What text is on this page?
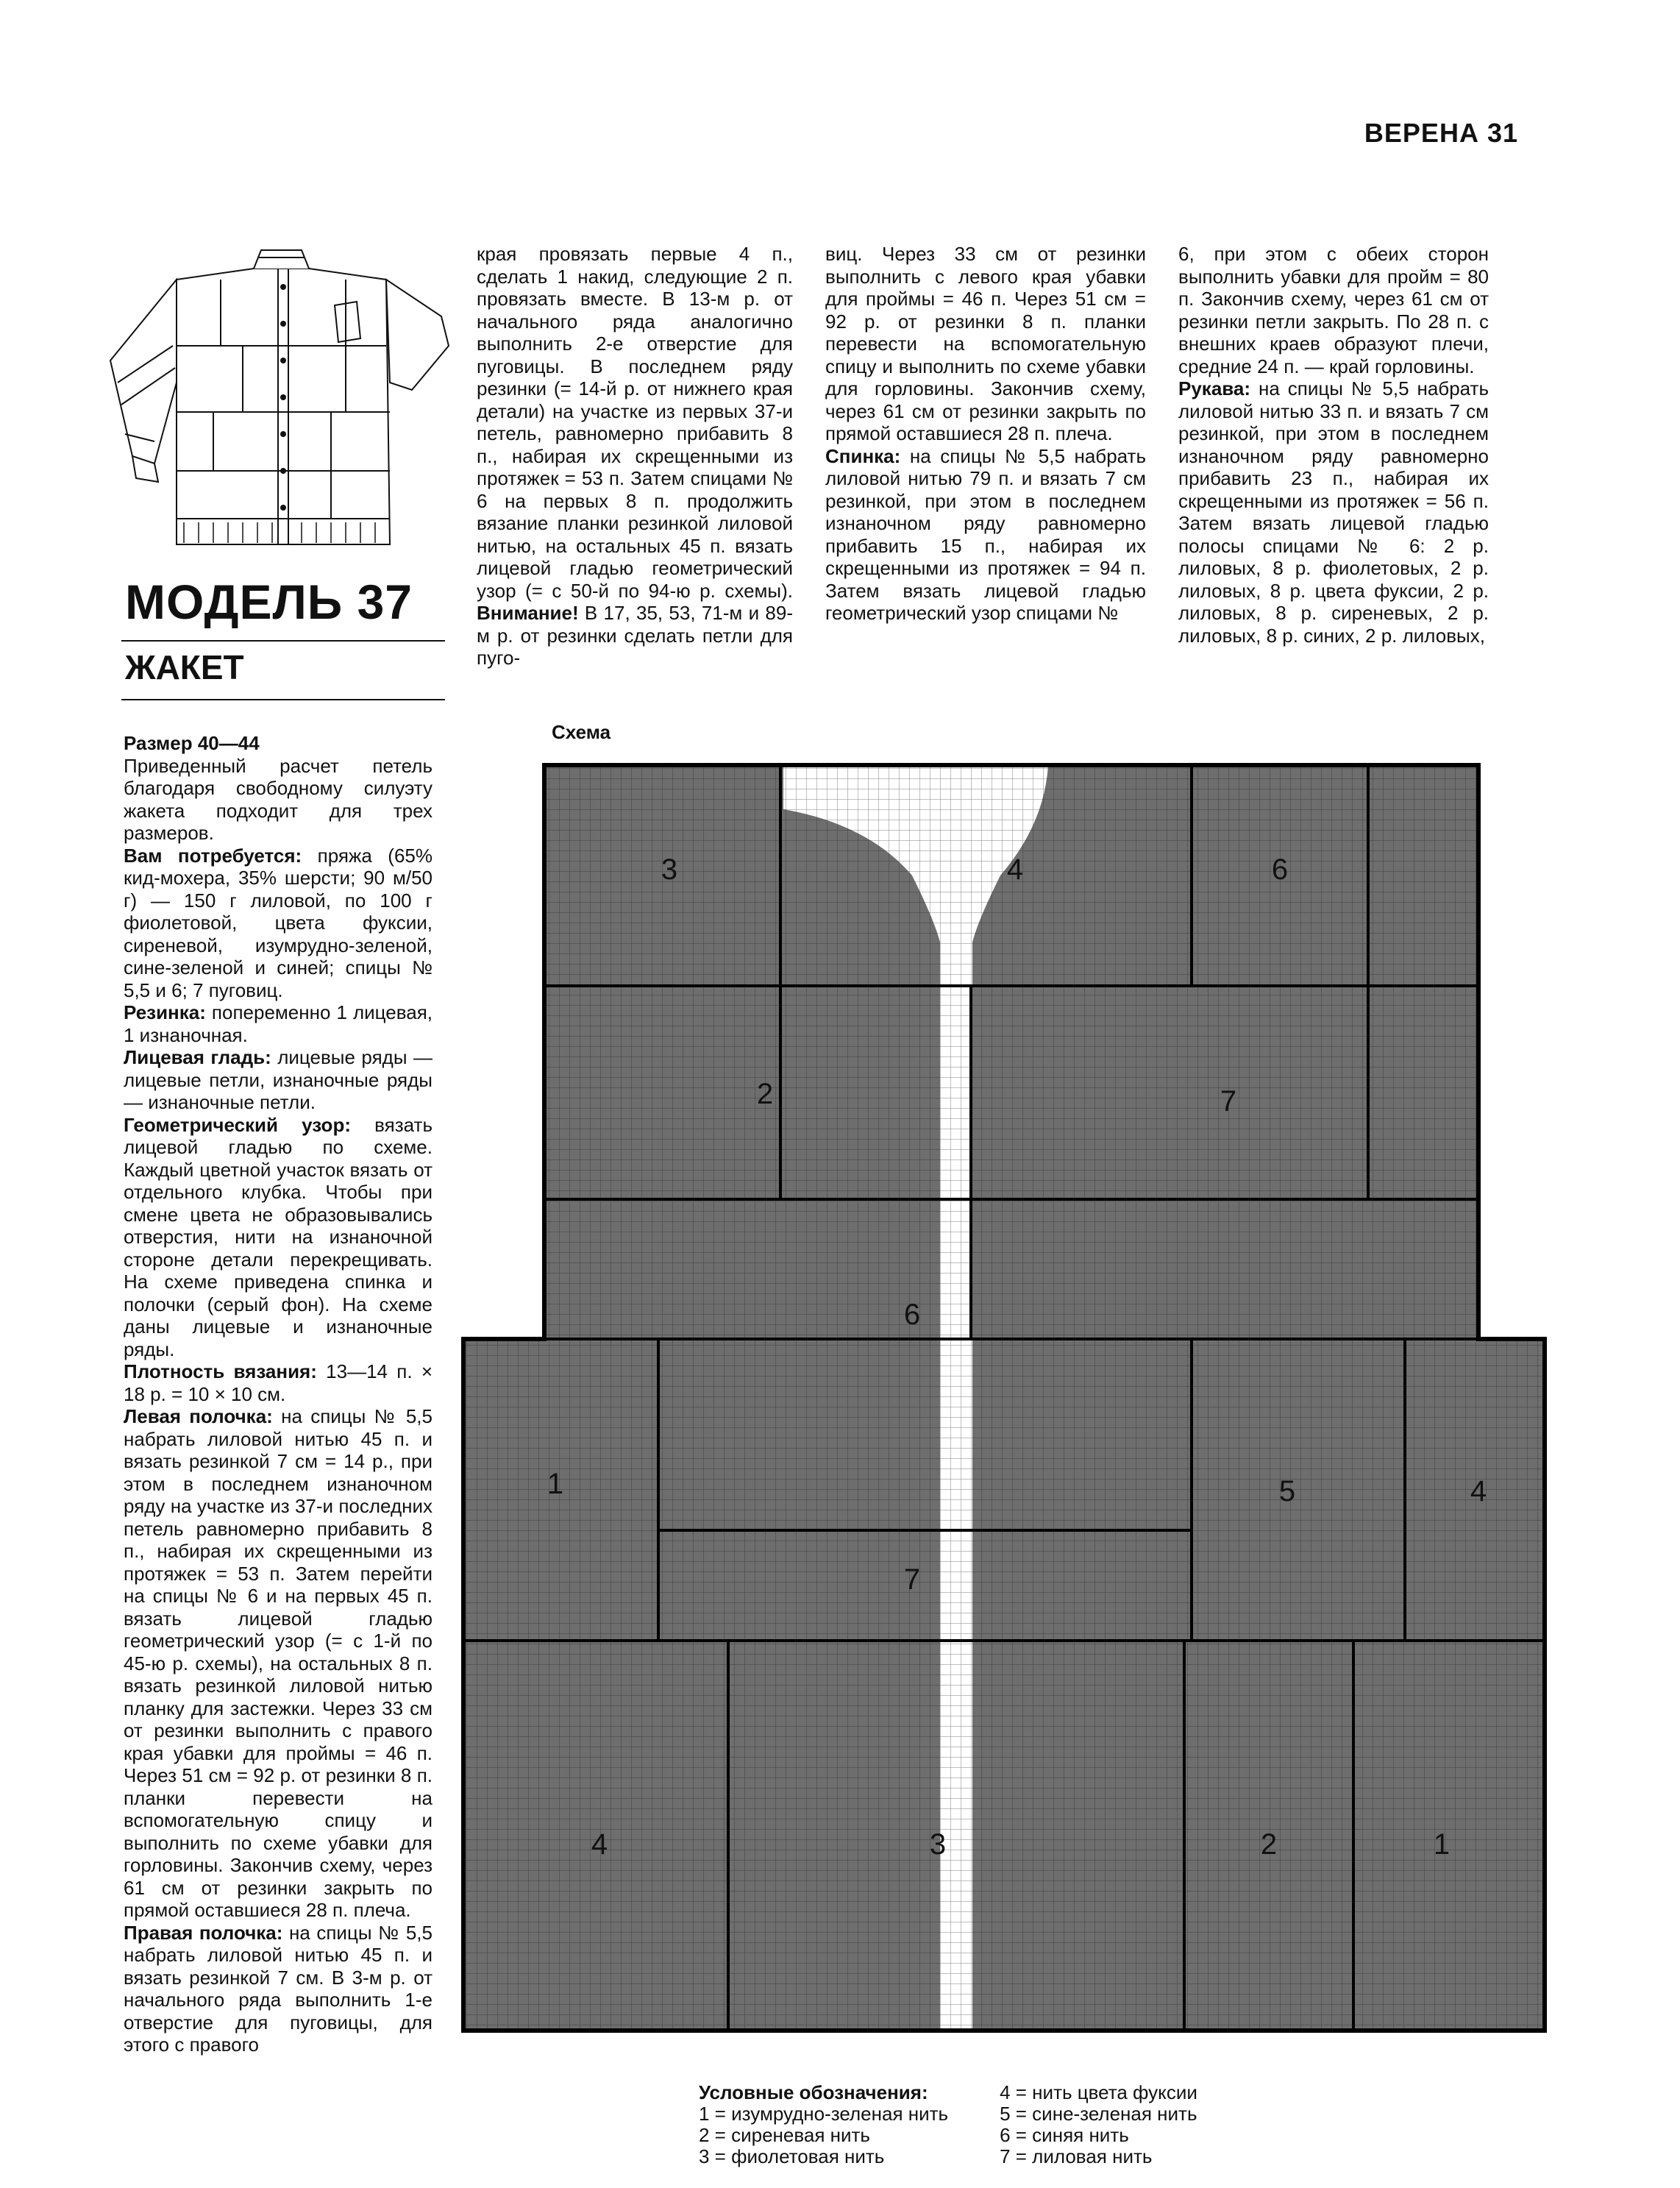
ВЕРЕНА 31
МОДЕЛЬ 37
ЖАКЕТ

Размер 40—44

Приведенный расчет петель благодаря свободному силуэту жакета подходит для трех размеров.

Вам потребуется: пряжа (65% кид-мохера, 35% шерсти; 90 м/50 г) — 150 г лиловой, по 100 г фиолетовой, цвета фуксии, сиреневой, изумрудно-зеленой, сине-зеленой и синей; спицы № 5,5 и 6; 7 пуговиц.

Резинка: попеременно 1 лицевая, 1 изнаночная.

Лицевая гладь: лицевые ряды — лицевые петли, изнаночные ряды — изнаночные петли.

Геометрический узор: вязать лицевой гладью по схеме. Каждый цветной участок вязать от отдельного клубка. Чтобы при смене цвета не образовывались отверстия, нити на изнаночной стороне детали перекрещивать. На схеме приведена спинка и полочки (серый фон). На схеме даны лицевые и изнаночные ряды.

Плотность вязания: 13—14 п. × 18 р. = 10 × 10 см.

Левая полочка: на спицы № 5,5 набрать лиловой нитью 45 п. и вязать резинкой 7 см = 14 р., при этом в последнем изнаночном ряду на участке из 37-и последних петель равномерно прибавить 8 п., набирая их скрещенными из протяжек = 53 п. Затем перейти на спицы № 6 и на первых 45 п. вязать лицевой гладью геометрический узор (= с 1-й по 45-ю р. схемы), на остальных 8 п. вязать резинкой лиловой нитью планку для застежки. Через 33 см от резинки выполнить с правого края убавки для проймы = 46 п. Через 51 см = 92 р. от резинки 8 п. планки перевести на вспомогательную спицу и выполнить по схеме убавки для горловины. Закончив схему, через 61 см от резинки закрыть по прямой оставшиеся 28 п. плеча.

Правая полочка: на спицы № 5,5 набрать лиловой нитью 45 п. и вязать резинкой 7 см. В 3-м р. от начального ряда выполнить 1-е отверстие для пуговицы, для этого с правого

края провязать первые 4 п., сделать 1 накид, следующие 2 п. провязать вместе. В 13-м р. от начального ряда аналогично выполнить 2-е отверстие для пуговицы. В последнем ряду резинки (= 14-й р. от нижнего края детали) на участке из первых 37-и петель, равномерно прибавить 8 п., набирая их скрещенными из протяжек = 53 п. Затем спицами № 6 на первых 8 п. продолжить вязание планки резинкой лиловой нитью, на остальных 45 п. вязать лицевой гладью геометрический узор (= с 50-й по 94-ю р. схемы). Внимание! В 17, 35, 53, 71-м и 89-м р. от резинки сделать петли для пуго-

виц. Через 33 см от резинки выполнить с левого края убавки для проймы = 46 п. Через 51 см = 92 р. от резинки 8 п. планки перевести на вспомогательную спицу и выполнить по схеме убавки для горловины. Закончив схему, через 61 см от резинки закрыть по прямой оставшиеся 28 п. плеча.

Спинка: на спицы № 5,5 набрать лиловой нитью 79 п. и вязать 7 см резинкой, при этом в последнем изнаночном ряду равномерно прибавить 15 п., набирая их скрещенными из протяжек = 94 п. Затем вязать лицевой гладью геометрический узор спицами №

6, при этом с обеих сторон выполнить убавки для пройм = 80 п. Закончив схему, через 61 см от резинки петли закрыть. По 28 п. с внешних краев образуют плечи, средние 24 п. — край горловины.

Рукава: на спицы № 5,5 набрать лиловой нитью 33 п. и вязать 7 см резинкой, при этом в последнем изнаночном ряду равномерно прибавить 23 п., набирая их скрещенными из протяжек = 56 п. Затем вязать лицевой гладью полосы спицами № 6: 2 р. лиловых, 8 р. фиолетовых, 2 р. лиловых, 8 р. цвета фуксии, 2 р. лиловых, 8 р. сиреневых, 2 р. лиловых, 8 р. синих, 2 р. лиловых,

Схема
3	4	6
2	7
1
6
5	4
7
4	3	2	1
Условные обозначения:
1 = изумрудно-зеленая нить
2 = сиреневая нить
3 = фиолетовая нить
4 = нить цвета фуксии
5 = сине-зеленая нить
6 = синяя нить
7 = лиловая нить
